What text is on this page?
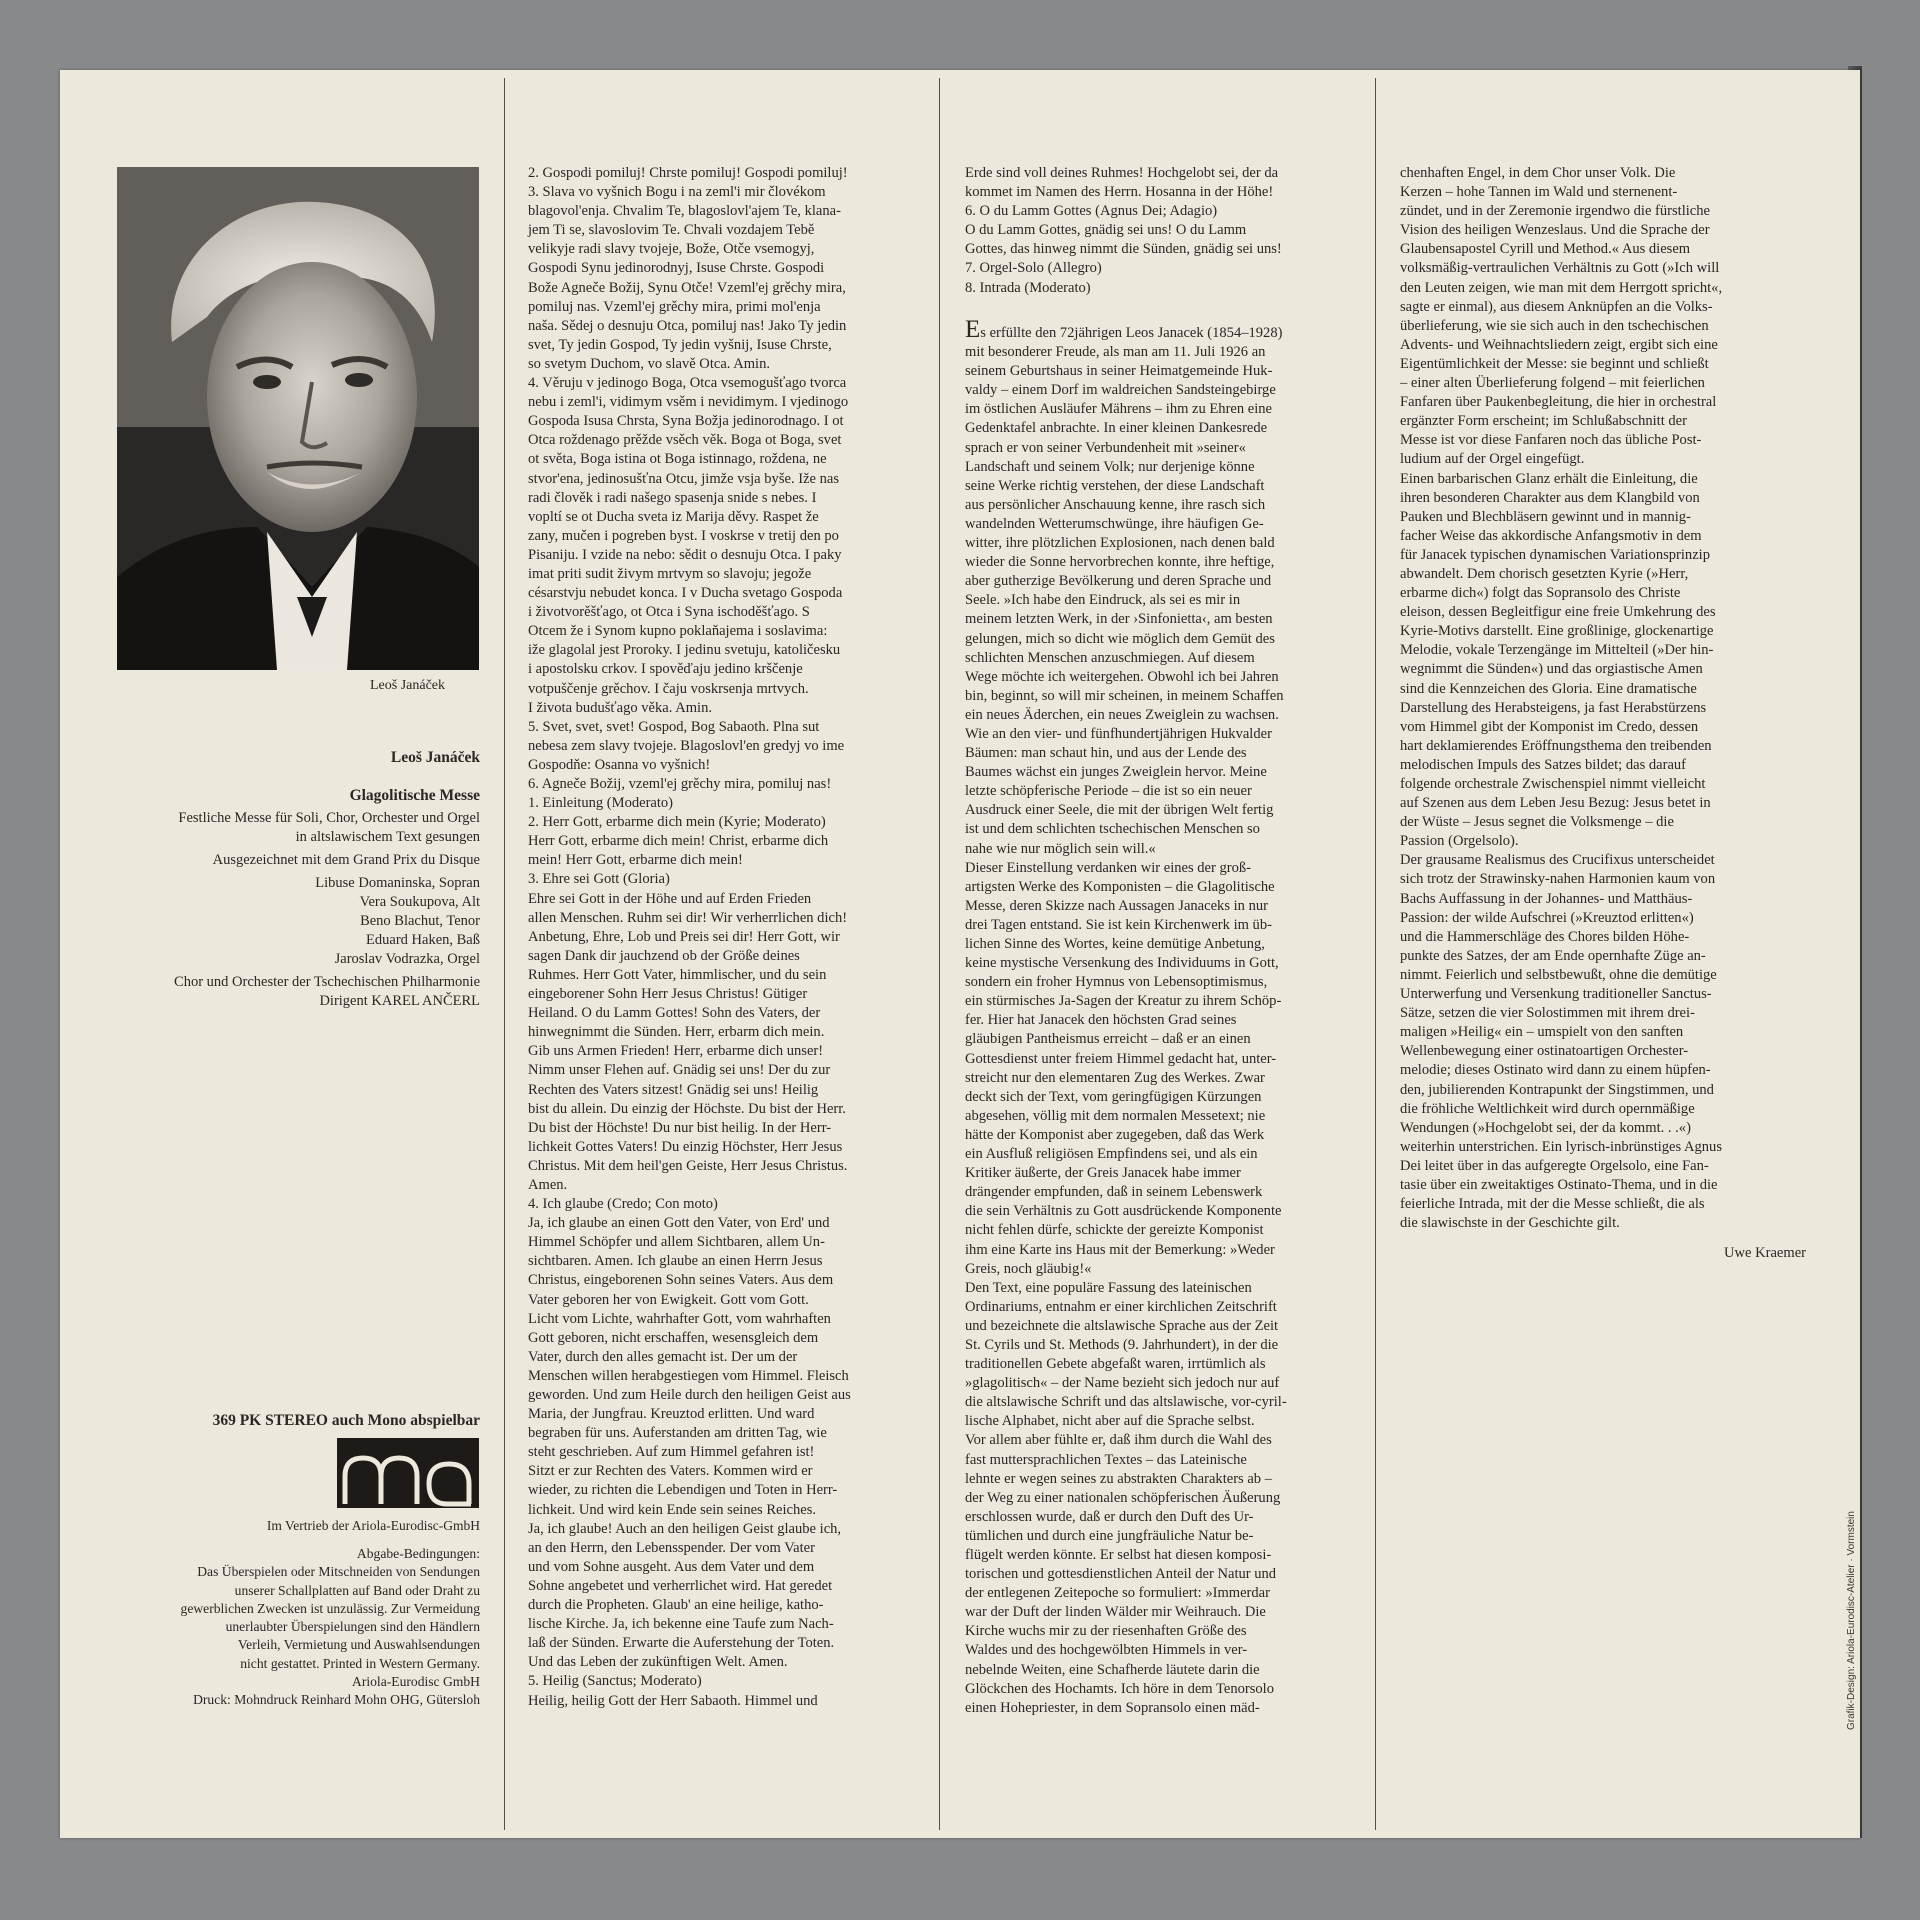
Leoš Janáček

Leoš Janáček

Glagolitische Messe

Festliche Messe für Soli, Chor, Orchester und Orgel

in altslawischem Text gesungen

Ausgezeichnet mit dem Grand Prix du Disque

Libuse Domaninska, Sopran

Vera Soukupova, Alt

Beno Blachut, Tenor

Eduard Haken, Baß

Jaroslav Vodrazka, Orgel

Chor und Orchester der Tschechischen Philharmonie

Dirigent KAREL ANČERL

369 PK STEREO auch Mono abspielbar
Im Vertrieb der Ariola-Eurodisc-GmbH

Abgabe-Bedingungen:

Das Überspielen oder Mitschneiden von Sendungen

unserer Schallplatten auf Band oder Draht zu

gewerblichen Zwecken ist unzulässig. Zur Vermeidung

unerlaubter Überspielungen sind den Händlern

Verleih, Vermietung und Auswahlsendungen

nicht gestattet. Printed in Western Germany.

Ariola-Eurodisc GmbH

Druck: Mohndruck Reinhard Mohn OHG, Gütersloh

2. Gospodi pomiluj! Chrste pomiluj! Gospodi pomiluj!

3. Slava vo vyšnich Bogu i na zeml'i mir človékom

blagovol'enja. Chvalim Te, blagoslovl'ajem Te, klana-

jem Ti se, slavoslovim Te. Chvali vozdajem Tebě

velikyje radi slavy tvojeje, Bože, Otče vsemogyj,

Gospodi Synu jedinorodnyj, Isuse Chrste. Gospodi

Bože Agneče Božij, Synu Otče! Vzeml'ej grěchy mira,

pomiluj nas. Vzeml'ej grěchy mira, primi mol'enja

naša. Sědej o desnuju Otca, pomiluj nas! Jako Ty jedin

svet, Ty jedin Gospod, Ty jedin vyšnij, Isuse Chrste,

so svetym Duchom, vo slavě Otca. Amin.

4. Věruju v jedinogo Boga, Otca vsemogušťago tvorca

nebu i zeml'i, vidimym vsěm i nevidimym. I vjedinogo

Gospoda Isusa Chrsta, Syna Božja jedinorodnago. I ot

Otca roždenago prěžde vsěch věk. Boga ot Boga, svet

ot světa, Boga istina ot Boga istinnago, roždena, ne

stvor'ena, jedinosušťna Otcu, jimže vsja byše. Iže nas

radi člověk i radi našego spasenja snide s nebes. I

vopltí se ot Ducha sveta iz Marija děvy. Raspet že

zany, mučen i pogreben byst. I voskrse v tretij den po

Pisaniju. I vzide na nebo: sědit o desnuju Otca. I paky

imat priti sudit živym mrtvym so slavoju; jegože

césarstvju nebudet konca. I v Ducha svetago Gospoda

i životvorěšťago, ot Otca i Syna ischoděšťago. S

Otcem že i Synom kupno poklaňajema i soslavima:

iže glagolal jest Proroky. I jedinu svetuju, katoličesku

i apostolsku crkov. I spověďaju jedino krščenje

votpuščenje grěchov. I čaju voskrsenja mrtvych.

I života budušťago věka. Amin.

5. Svet, svet, svet! Gospod, Bog Sabaoth. Plna sut

nebesa zem slavy tvojeje. Blagoslovl'en gredyj vo ime

Gospodňe: Osanna vo vyšnich!

6. Agneče Božij, vzeml'ej grěchy mira, pomiluj nas!

1. Einleitung (Moderato)

2. Herr Gott, erbarme dich mein (Kyrie; Moderato)

Herr Gott, erbarme dich mein! Christ, erbarme dich

mein! Herr Gott, erbarme dich mein!

3. Ehre sei Gott (Gloria)

Ehre sei Gott in der Höhe und auf Erden Frieden

allen Menschen. Ruhm sei dir! Wir verherrlichen dich!

Anbetung, Ehre, Lob und Preis sei dir! Herr Gott, wir

sagen Dank dir jauchzend ob der Größe deines

Ruhmes. Herr Gott Vater, himmlischer, und du sein

eingeborener Sohn Herr Jesus Christus! Gütiger

Heiland. O du Lamm Gottes! Sohn des Vaters, der

hinwegnimmt die Sünden. Herr, erbarm dich mein.

Gib uns Armen Frieden! Herr, erbarme dich unser!

Nimm unser Flehen auf. Gnädig sei uns! Der du zur

Rechten des Vaters sitzest! Gnädig sei uns! Heilig

bist du allein. Du einzig der Höchste. Du bist der Herr.

Du bist der Höchste! Du nur bist heilig. In der Herr-

lichkeit Gottes Vaters! Du einzig Höchster, Herr Jesus

Christus. Mit dem heil'gen Geiste, Herr Jesus Christus.

Amen.

4. Ich glaube (Credo; Con moto)

Ja, ich glaube an einen Gott den Vater, von Erd' und

Himmel Schöpfer und allem Sichtbaren, allem Un-

sichtbaren. Amen. Ich glaube an einen Herrn Jesus

Christus, eingeborenen Sohn seines Vaters. Aus dem

Vater geboren her von Ewigkeit. Gott vom Gott.

Licht vom Lichte, wahrhafter Gott, vom wahrhaften

Gott geboren, nicht erschaffen, wesensgleich dem

Vater, durch den alles gemacht ist. Der um der

Menschen willen herabgestiegen vom Himmel. Fleisch

geworden. Und zum Heile durch den heiligen Geist aus

Maria, der Jungfrau. Kreuztod erlitten. Und ward

begraben für uns. Auferstanden am dritten Tag, wie

steht geschrieben. Auf zum Himmel gefahren ist!

Sitzt er zur Rechten des Vaters. Kommen wird er

wieder, zu richten die Lebendigen und Toten in Herr-

lichkeit. Und wird kein Ende sein seines Reiches.

Ja, ich glaube! Auch an den heiligen Geist glaube ich,

an den Herrn, den Lebensspender. Der vom Vater

und vom Sohne ausgeht. Aus dem Vater und dem

Sohne angebetet und verherrlichet wird. Hat geredet

durch die Propheten. Glaub' an eine heilige, katho-

lische Kirche. Ja, ich bekenne eine Taufe zum Nach-

laß der Sünden. Erwarte die Auferstehung der Toten.

Und das Leben der zukünftigen Welt. Amen.

5. Heilig (Sanctus; Moderato)

Heilig, heilig Gott der Herr Sabaoth. Himmel und

Erde sind voll deines Ruhmes! Hochgelobt sei, der da

kommet im Namen des Herrn. Hosanna in der Höhe!

6. O du Lamm Gottes (Agnus Dei; Adagio)

O du Lamm Gottes, gnädig sei uns! O du Lamm

Gottes, das hinweg nimmt die Sünden, gnädig sei uns!

7. Orgel-Solo (Allegro)

8. Intrada (Moderato)

Es erfüllte den 72jährigen Leos Janacek (1854–1928)

mit besonderer Freude, als man am 11. Juli 1926 an

seinem Geburtshaus in seiner Heimatgemeinde Huk-

valdy – einem Dorf im waldreichen Sandsteingebirge

im östlichen Ausläufer Mährens – ihm zu Ehren eine

Gedenktafel anbrachte. In einer kleinen Dankesrede

sprach er von seiner Verbundenheit mit »seiner«

Landschaft und seinem Volk; nur derjenige könne

seine Werke richtig verstehen, der diese Landschaft

aus persönlicher Anschauung kenne, ihre rasch sich

wandelnden Wetterumschwünge, ihre häufigen Ge-

witter, ihre plötzlichen Explosionen, nach denen bald

wieder die Sonne hervorbrechen konnte, ihre heftige,

aber gutherzige Bevölkerung und deren Sprache und

Seele. »Ich habe den Eindruck, als sei es mir in

meinem letzten Werk, in der ›Sinfonietta‹, am besten

gelungen, mich so dicht wie möglich dem Gemüt des

schlichten Menschen anzuschmiegen. Auf diesem

Wege möchte ich weitergehen. Obwohl ich bei Jahren

bin, beginnt, so will mir scheinen, in meinem Schaffen

ein neues Äderchen, ein neues Zweiglein zu wachsen.

Wie an den vier- und fünfhundertjährigen Hukvalder

Bäumen: man schaut hin, und aus der Lende des

Baumes wächst ein junges Zweiglein hervor. Meine

letzte schöpferische Periode – die ist so ein neuer

Ausdruck einer Seele, die mit der übrigen Welt fertig

ist und dem schlichten tschechischen Menschen so

nahe wie nur möglich sein will.«

Dieser Einstellung verdanken wir eines der groß-

artigsten Werke des Komponisten – die Glagolitische

Messe, deren Skizze nach Aussagen Janaceks in nur

drei Tagen entstand. Sie ist kein Kirchenwerk im üb-

lichen Sinne des Wortes, keine demütige Anbetung,

keine mystische Versenkung des Individuums in Gott,

sondern ein froher Hymnus von Lebensoptimismus,

ein stürmisches Ja-Sagen der Kreatur zu ihrem Schöp-

fer. Hier hat Janacek den höchsten Grad seines

gläubigen Pantheismus erreicht – daß er an einen

Gottesdienst unter freiem Himmel gedacht hat, unter-

streicht nur den elementaren Zug des Werkes. Zwar

deckt sich der Text, vom geringfügigen Kürzungen

abgesehen, völlig mit dem normalen Messetext; nie

hätte der Komponist aber zugegeben, daß das Werk

ein Ausfluß religiösen Empfindens sei, und als ein

Kritiker äußerte, der Greis Janacek habe immer

drängender empfunden, daß in seinem Lebenswerk

die sein Verhältnis zu Gott ausdrückende Komponente

nicht fehlen dürfe, schickte der gereizte Komponist

ihm eine Karte ins Haus mit der Bemerkung: »Weder

Greis, noch gläubig!«

Den Text, eine populäre Fassung des lateinischen

Ordinariums, entnahm er einer kirchlichen Zeitschrift

und bezeichnete die altslawische Sprache aus der Zeit

St. Cyrils und St. Methods (9. Jahrhundert), in der die

traditionellen Gebete abgefaßt waren, irrtümlich als

»glagolitisch« – der Name bezieht sich jedoch nur auf

die altslawische Schrift und das altslawische, vor-cyril-

lische Alphabet, nicht aber auf die Sprache selbst.

Vor allem aber fühlte er, daß ihm durch die Wahl des

fast muttersprachlichen Textes – das Lateinische

lehnte er wegen seines zu abstrakten Charakters ab –

der Weg zu einer nationalen schöpferischen Äußerung

erschlossen wurde, daß er durch den Duft des Ur-

tümlichen und durch eine jungfräuliche Natur be-

flügelt werden könnte. Er selbst hat diesen komposi-

torischen und gottesdienstlichen Anteil der Natur und

der entlegenen Zeitepoche so formuliert: »Immerdar

war der Duft der linden Wälder mir Weihrauch. Die

Kirche wuchs mir zu der riesenhaften Größe des

Waldes und des hochgewölbten Himmels in ver-

nebelnde Weiten, eine Schafherde läutete darin die

Glöckchen des Hochamts. Ich höre in dem Tenorsolo

einen Hohepriester, in dem Sopransolo einen mäd-

chenhaften Engel, in dem Chor unser Volk. Die

Kerzen – hohe Tannen im Wald und sternenent-

zündet, und in der Zeremonie irgendwo die fürstliche

Vision des heiligen Wenzeslaus. Und die Sprache der

Glaubensapostel Cyrill und Method.« Aus diesem

volksmäßig-vertraulichen Verhältnis zu Gott (»Ich will

den Leuten zeigen, wie man mit dem Herrgott spricht«,

sagte er einmal), aus diesem Anknüpfen an die Volks-

überlieferung, wie sie sich auch in den tschechischen

Advents- und Weihnachtsliedern zeigt, ergibt sich eine

Eigentümlichkeit der Messe: sie beginnt und schließt

– einer alten Überlieferung folgend – mit feierlichen

Fanfaren über Paukenbegleitung, die hier in orchestral

ergänzter Form erscheint; im Schlußabschnitt der

Messe ist vor diese Fanfaren noch das übliche Post-

ludium auf der Orgel eingefügt.

Einen barbarischen Glanz erhält die Einleitung, die

ihren besonderen Charakter aus dem Klangbild von

Pauken und Blechbläsern gewinnt und in mannig-

facher Weise das akkordische Anfangsmotiv in dem

für Janacek typischen dynamischen Variationsprinzip

abwandelt. Dem chorisch gesetzten Kyrie (»Herr,

erbarme dich«) folgt das Sopransolo des Christe

eleison, dessen Begleitfigur eine freie Umkehrung des

Kyrie-Motivs darstellt. Eine großlinige, glockenartige

Melodie, vokale Terzengänge im Mittelteil (»Der hin-

wegnimmt die Sünden«) und das orgiastische Amen

sind die Kennzeichen des Gloria. Eine dramatische

Darstellung des Herabsteigens, ja fast Herabstürzens

vom Himmel gibt der Komponist im Credo, dessen

hart deklamierendes Eröffnungsthema den treibenden

melodischen Impuls des Satzes bildet; das darauf

folgende orchestrale Zwischenspiel nimmt vielleicht

auf Szenen aus dem Leben Jesu Bezug: Jesus betet in

der Wüste – Jesus segnet die Volksmenge – die

Passion (Orgelsolo).

Der grausame Realismus des Crucifixus unterscheidet

sich trotz der Strawinsky-nahen Harmonien kaum von

Bachs Auffassung in der Johannes- und Matthäus-

Passion: der wilde Aufschrei (»Kreuztod erlitten«)

und die Hammerschläge des Chores bilden Höhe-

punkte des Satzes, der am Ende opernhafte Züge an-

nimmt. Feierlich und selbstbewußt, ohne die demütige

Unterwerfung und Versenkung traditioneller Sanctus-

Sätze, setzen die vier Solostimmen mit ihrem drei-

maligen »Heilig« ein – umspielt von den sanften

Wellenbewegung einer ostinatoartigen Orchester-

melodie; dieses Ostinato wird dann zu einem hüpfen-

den, jubilierenden Kontrapunkt der Singstimmen, und

die fröhliche Weltlichkeit wird durch opernmäßige

Wendungen (»Hochgelobt sei, der da kommt. . .«)

weiterhin unterstrichen. Ein lyrisch-inbrünstiges Agnus

Dei leitet über in das aufgeregte Orgelsolo, eine Fan-

tasie über ein zweitaktiges Ostinato-Thema, und in die

feierliche Intrada, mit der die Messe schließt, die als

die slawischste in der Geschichte gilt.

Uwe Kraemer

Grafik-Design: Ariola-Eurodisc-Atelier · Vormstein
